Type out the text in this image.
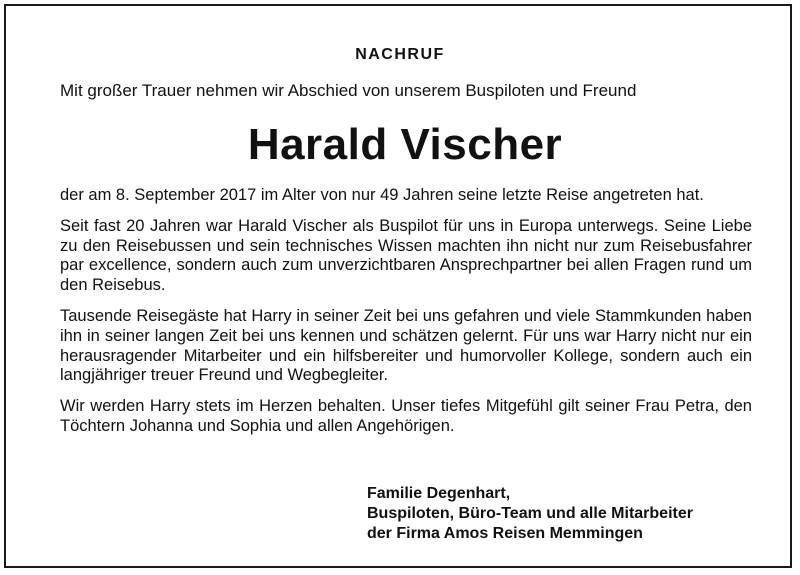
NACHRUF
Mit großer Trauer nehmen wir Abschied von unserem Buspiloten und Freund
Harald Vischer

der am 8. September 2017 im Alter von nur 49 Jahren seine letzte Reise angetreten hat.

Seit fast 20 Jahren war Harald Vischer als Buspilot für uns in Europa unterwegs. Seine Liebe zu den Reisebussen und sein technisches Wissen machten ihn nicht nur zum Reisebusfahrer par excellence, sondern auch zum unverzichtbaren Ansprechpartner bei allen Fragen rund um den Reisebus.

Tausende Reisegäste hat Harry in seiner Zeit bei uns gefahren und viele Stammkunden haben ihn in seiner langen Zeit bei uns kennen und schätzen gelernt. Für uns war Harry nicht nur ein herausragender Mitarbeiter und ein hilfsbereiter und humorvoller Kollege, sondern auch ein langjähriger treuer Freund und Wegbegleiter.

Wir werden Harry stets im Herzen behalten. Unser tiefes Mitgefühl gilt seiner Frau Petra, den Töchtern Johanna und Sophia und allen Angehörigen.

Familie Degenhart,
Buspiloten, Büro-Team und alle Mitarbeiter
der Firma Amos Reisen Memmingen
